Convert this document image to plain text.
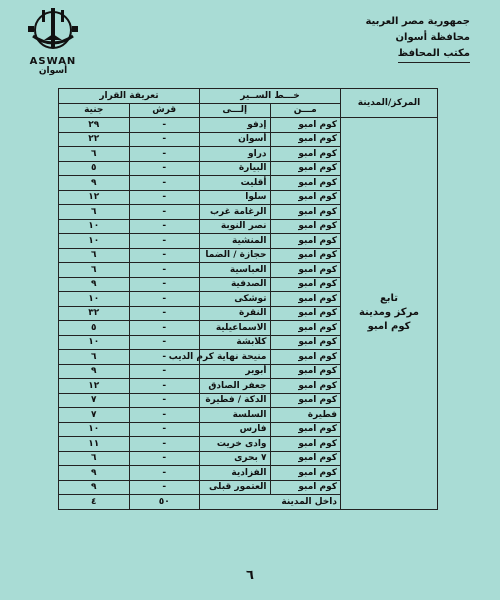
ASWAN
أسوان
جمهورية مصر العربية
محافظة أسوان
مكتب المحافظ
المركز/المدينة	خـــط الســير		تعريفة القرار	
	مـــن	إلـــى	قرش	جنية

تابع
مركز ومدينة
كوم امبو	كوم امبو	إدفو	-	٢٩
	كوم امبو	أسوان	-	٢٢
	كوم امبو	دراو	-	٦
	كوم امبو	البيارة	-	٥
	كوم امبو	أقليت	-	٩
	كوم امبو	سلوا	-	١٢
	كوم امبو	الرغامة غرب	-	٦
	كوم امبو	نصر النوبة	-	١٠
	كوم امبو	المنشية	-	١٠
	كوم امبو	حجازة / الضما	-	٦
	كوم امبو	العباسية	-	٦
	كوم امبو	الصدفية	-	٩
	كوم امبو	توشكى	-	١٠
	كوم امبو	النقرة	-	٣٢
	كوم امبو	الاسماعيلية	-	٥
	كوم امبو	كلابشة	-	١٠
	كوم امبو	منيحة نهاية كرم الديب	-	٦
	كوم امبو	أبوير	-	٩
	كوم امبو	جعفر الصادق	-	١٢
	كوم امبو	الدكة / فطيرة	-	٧
	فطيرة	السلسة	-	٧
	كوم امبو	فارس	-	١٠
	كوم امبو	وادى خريت	-	١١
	كوم امبو	٧ بحرى	-	٦
	كوم امبو	الفزادية	-	٩
	كوم امبو	العتمور قبلى	-	٩
	داخل المدينة		٥٠	٤
٦
